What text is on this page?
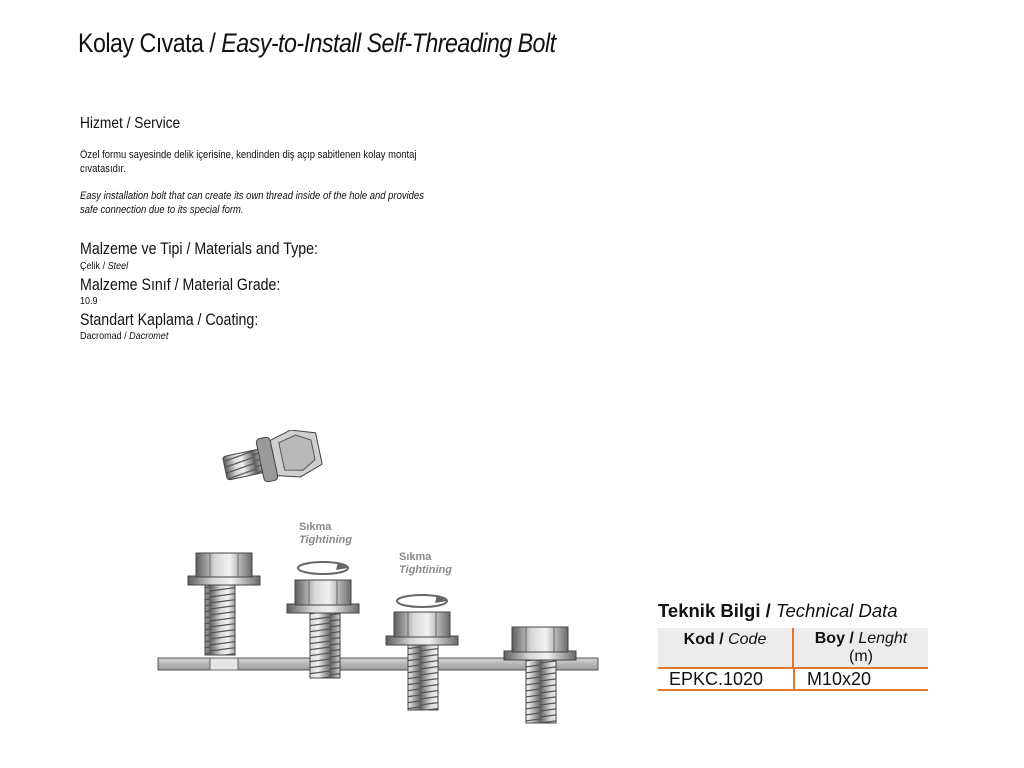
Kolay Cıvata / Easy-to-Install Self-Threading Bolt
Hizmet / Service
Özel formu sayesinde delik içerisine, kendinden diş açıp sabitlenen kolay montaj
cıvatasıdır.
Easy installation bolt that can create its own thread inside of the hole and provides
safe connection due to its special form.
Malzeme ve Tipi / Materials and Type:
Çelik / Steel
Malzeme Sınıf / Material Grade:
10.9
Standart Kaplama / Coating:
Dacromad / Dacromet
Sıkma
Tightining
Sıkma
Tightining
Teknik Bilgi / Technical Data
Kod / Code	Boy / Lenght
(m)
EPKC.1020	M10x20
